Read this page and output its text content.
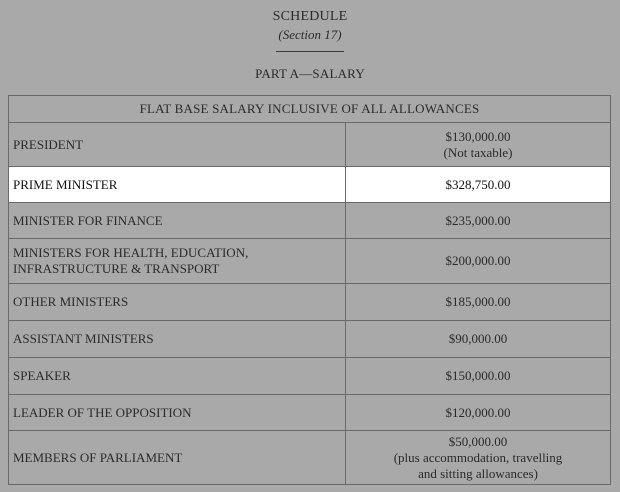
SCHEDULE
(Section 17)
PART A—SALARY
FLAT BASE SALARY INCLUSIVE OF ALL ALLOWANCES	
PRESIDENT	$130,000.00
(Not taxable)

PRIME MINISTER	$328,750.00
MINISTER FOR FINANCE	$235,000.00

MINISTERS FOR HEALTH, EDUCATION,
INFRASTRUCTURE & TRANSPORT	$200,000.00
OTHER MINISTERS	$185,000.00
ASSISTANT MINISTERS	$90,000.00
SPEAKER	$150,000.00
LEADER OF THE OPPOSITION	$120,000.00
MEMBERS OF PARLIAMENT	$50,000.00
(plus accommodation, travelling
and sitting allowances)
